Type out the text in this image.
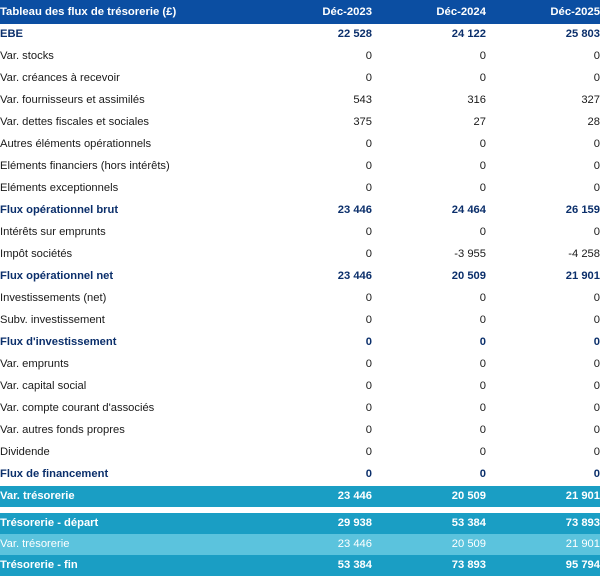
Tableau des flux de trésorerie (£)	Déc-2023	Déc-2024	Déc-2025
EBE	22 528	24 122	25 803
Var. stocks	0	0	0
Var. créances à recevoir	0	0	0
Var. fournisseurs et assimilés	543	316	327
Var. dettes fiscales et sociales	375	27	28
Autres éléments opérationnels	0	0	0
Eléments financiers (hors intérêts)	0	0	0
Eléments exceptionnels	0	0	0
Flux opérationnel brut	23 446	24 464	26 159
Intérêts sur emprunts	0	0	0
Impôt sociétés	0	-3 955	-4 258
Flux opérationnel net	23 446	20 509	21 901
Investissements (net)	0	0	0
Subv. investissement	0	0	0
Flux d'investissement	0	0	0
Var. emprunts	0	0	0
Var. capital social	0	0	0
Var. compte courant d'associés	0	0	0
Var. autres fonds propres	0	0	0
Dividende	0	0	0
Flux de financement	0	0	0
Var. trésorerie	23 446	20 509	21 901

Trésorerie - départ	29 938	53 384	73 893
Var. trésorerie	23 446	20 509	21 901
Trésorerie - fin	53 384	73 893	95 794
